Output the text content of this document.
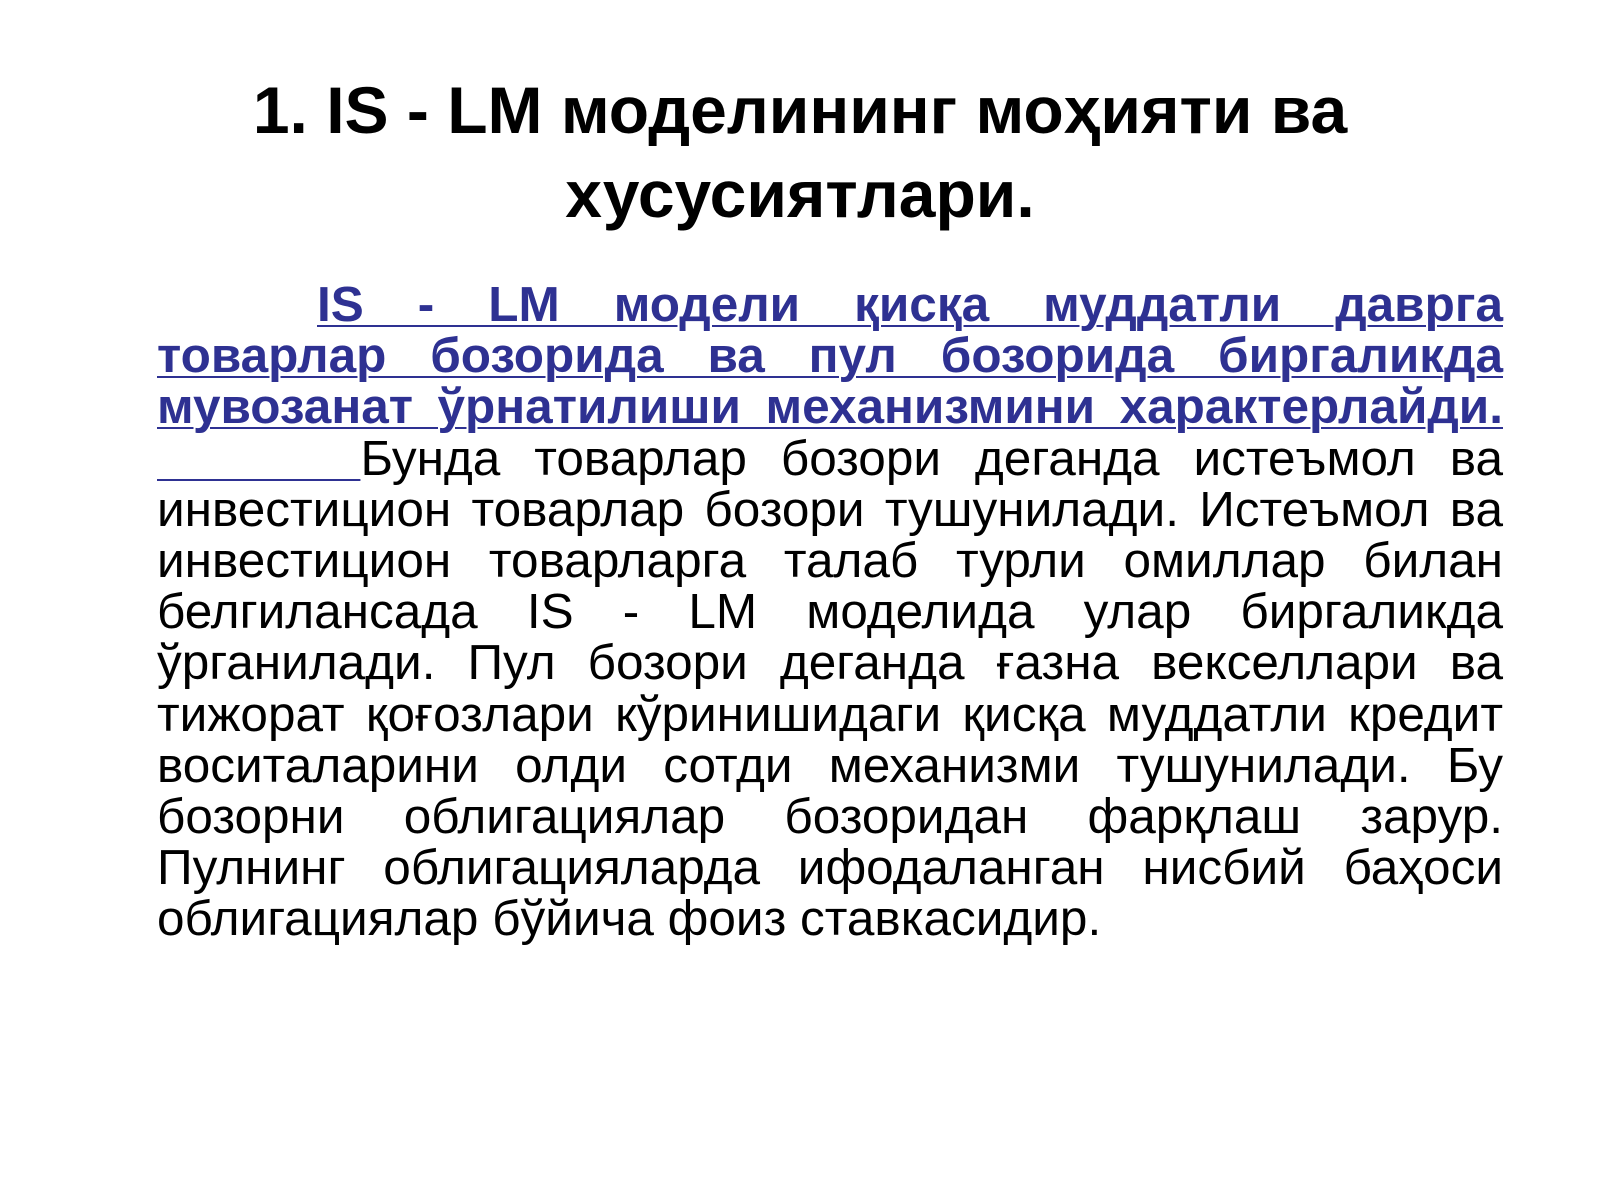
1. IS - LM моделининг моҳияти ва хусусиятлари.

IS - LM модели қисқа муддатли даврга товарлар бозорида ва пул бозорида биргаликда мувозанат ўрнатилиши механизмини характерлайди.      Бунда товарлар бозори деганда истеъмол ва инвестицион товарлар бозори тушунилади. Истеъмол ва инвестицион товарларга талаб турли омиллар билан белгилансада IS - LM моделида улар биргаликда ўрганилади. Пул бозори деганда ғазна векселлари ва тижорат қоғозлари кўринишидаги қисқа муддатли кредит воситаларини олди сотди механизми тушунилади. Бу бозорни облигациялар бозоридан фарқлаш зарур. Пулнинг облигацияларда ифодаланган нисбий баҳоси облигациялар бўйича фоиз ставкасидир.
